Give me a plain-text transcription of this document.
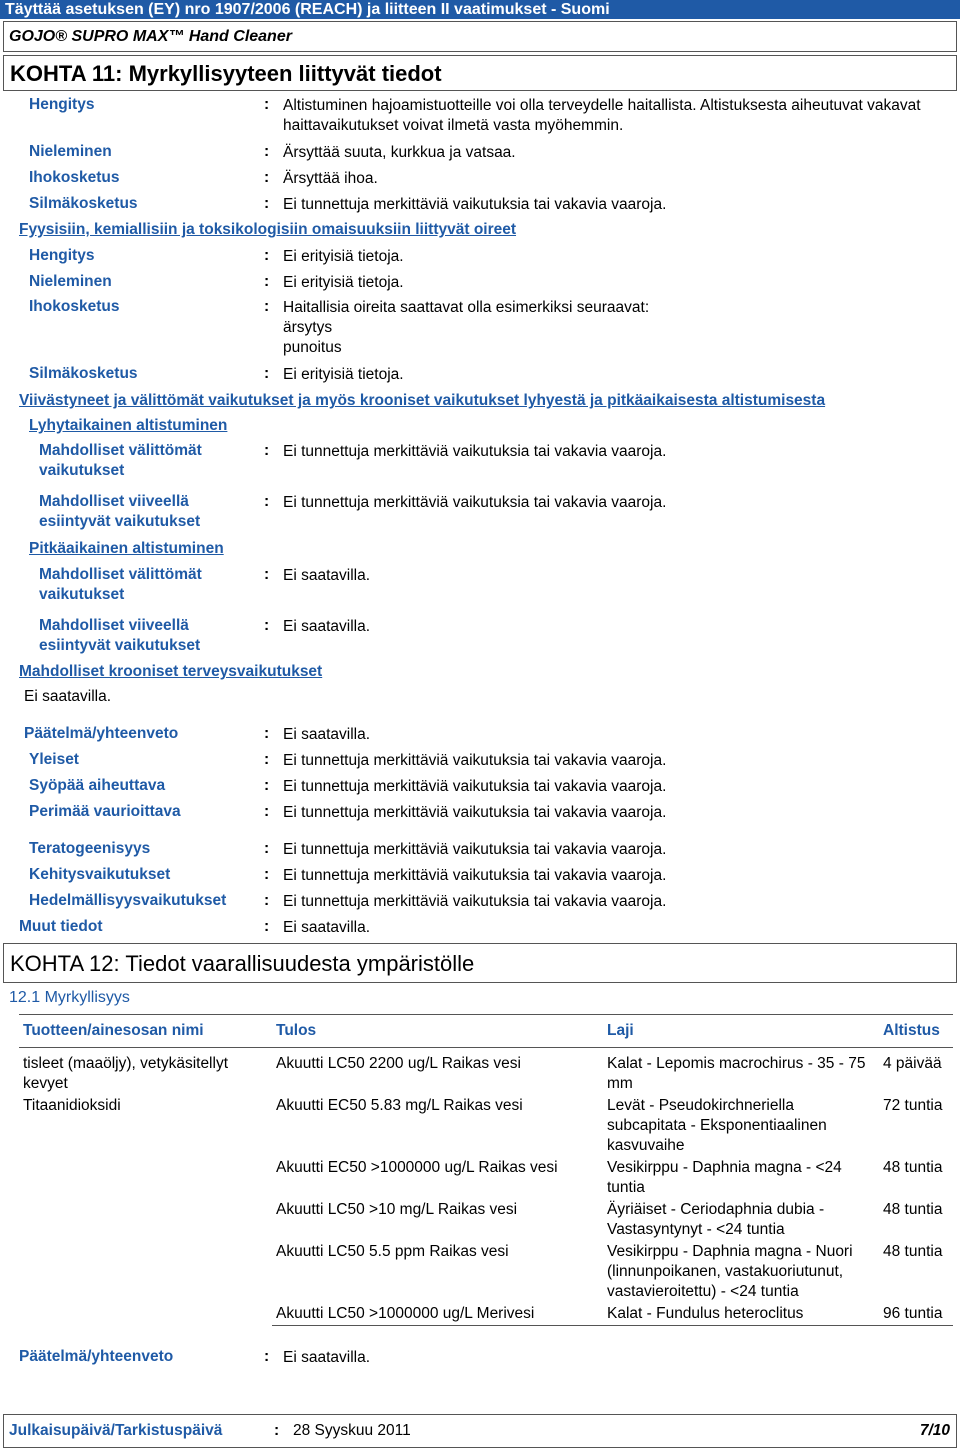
Täyttää asetuksen (EY) nro 1907/2006 (REACH) ja liitteen II vaatimukset - Suomi
GOJO® SUPRO MAX™ Hand Cleaner
KOHTA 11: Myrkyllisyyteen liittyvät tiedot
Hengitys	: Altistuminen hajoamistuotteille voi olla terveydelle haitallista. Altistuksesta aiheutuvat vakavat haittavaikutukset voivat ilmetä vasta myöhemmin.
Nieleminen	: Ärsyttää suuta, kurkkua ja vatsaa.
Ihokosketus	: Ärsyttää ihoa.
Silmäkosketus	: Ei tunnettuja merkittäviä vaikutuksia tai vakavia vaaroja.
Fyysisiin, kemiallisiin ja toksikologisiin omaisuuksiin liittyvät oireet
Hengitys	: Ei erityisiä tietoja.
Nieleminen	: Ei erityisiä tietoja.
Ihokosketus	: Haitallisia oireita saattavat olla esimerkiksi seuraavat:
ärsytys
punoitus
Silmäkosketus	: Ei erityisiä tietoja.
Viivästyneet ja välittömät vaikutukset ja myös krooniset vaikutukset lyhyestä ja pitkäaikaisesta altistumisesta
Lyhytaikainen altistuminen
Mahdolliset välittömät
vaikutukset
: Ei tunnettuja merkittäviä vaikutuksia tai vakavia vaaroja.
Mahdolliset viiveellä
esiintyvät vaikutukset
: Ei tunnettuja merkittäviä vaikutuksia tai vakavia vaaroja.
Pitkäaikainen altistuminen
Mahdolliset välittömät
vaikutukset
: Ei saatavilla.
Mahdolliset viiveellä
esiintyvät vaikutukset
: Ei saatavilla.
Mahdolliset krooniset terveysvaikutukset
Ei saatavilla.
Päätelmä/yhteenveto	: Ei saatavilla.
Yleiset	: Ei tunnettuja merkittäviä vaikutuksia tai vakavia vaaroja.
Syöpää aiheuttava	: Ei tunnettuja merkittäviä vaikutuksia tai vakavia vaaroja.
Perimää vaurioittava	: Ei tunnettuja merkittäviä vaikutuksia tai vakavia vaaroja.
Teratogeenisyys	: Ei tunnettuja merkittäviä vaikutuksia tai vakavia vaaroja.
Kehitysvaikutukset	: Ei tunnettuja merkittäviä vaikutuksia tai vakavia vaaroja.
Hedelmällisyysvaikutukset : Ei tunnettuja merkittäviä vaikutuksia tai vakavia vaaroja.
Muut tiedot	: Ei saatavilla.
KOHTA 12: Tiedot vaarallisuudesta ympäristölle
12.1 Myrkyllisyys
Tuotteen/ainesosan nimi	Tulos	Laji	Altistus
tisleet (maaöljy), vetykäsitellyt kevyet	Akuutti LC50 2200 ug/L Raikas vesi	Kalat - Lepomis macrochirus - 35 - 75 mm	4 päivää
Titaanidioksidi	Akuutti EC50 5.83 mg/L Raikas vesi	Levät - Pseudokirchneriella subcapitata - Eksponentiaalinen kasvuvaihe	72 tuntia
	Akuutti EC50 >1000000 ug/L Raikas vesi	Vesikirppu - Daphnia magna - <24 tuntia	48 tuntia
	Akuutti LC50 >10 mg/L Raikas vesi	Äyriäiset - Ceriodaphnia dubia - Vastasyntynyt - <24 tuntia	48 tuntia
	Akuutti LC50 5.5 ppm Raikas vesi	Vesikirppu - Daphnia magna - Nuori (linnunpoikanen, vastakuoriutunut, vastavieroitettu) - <24 tuntia	48 tuntia
	Akuutti LC50 >1000000 ug/L Merivesi	Kalat - Fundulus heteroclitus	96 tuntia
Päätelmä/yhteenveto	: Ei saatavilla.
Julkaisupäivä/Tarkistuspäivä	: 28 Syyskuu 2011	7/10
